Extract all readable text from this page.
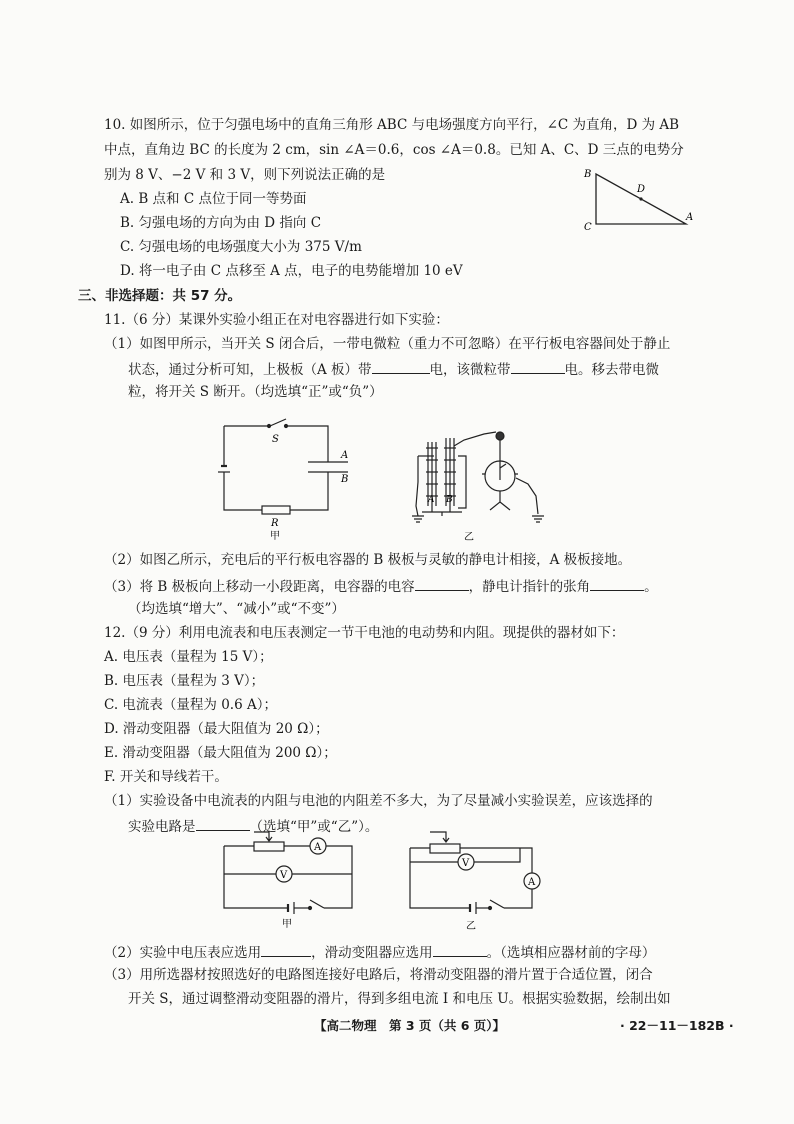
10. 如图所示，位于匀强电场中的直角三角形 ABC 与电场强度方向平行，∠C 为直角，D 为 AB
中点，直角边 BC 的长度为 2 cm，sin ∠A＝0.6，cos ∠A＝0.8。已知 A、C、D 三点的电势分
别为 8 V、−2 V 和 3 V，则下列说法正确的是
A. B 点和 C 点位于同一等势面
B. 匀强电场的方向为由 D 指向 C
C. 匀强电场的电场强度大小为 375 V/m
D. 将一电子由 C 点移至 A 点，电子的电势能增加 10 eV
B
C
D
A
三、非选择题：共 57 分。
11.（6 分）某课外实验小组正在对电容器进行如下实验：
（1）如图甲所示，当开关 S 闭合后，一带电微粒（重力不可忽略）在平行板电容器间处于静止
状态，通过分析可知，上极板（A 板）带	电，该微粒带	电。移去带电微
粒，将开关 S 断开。（均选填“正”或“负”）
S
A
B
R
甲
A B
乙
（2）如图乙所示，充电后的平行板电容器的 B 极板与灵敏的静电计相接，A 极板接地。
（3）将 B 极板向上移动一小段距离，电容器的电容	，静电计指针的张角	。
（均选填“增大”、“减小”或“不变”）
12.（9 分）利用电流表和电压表测定一节干电池的电动势和内阻。现提供的器材如下：
A. 电压表（量程为 15 V）；
B. 电压表（量程为 3 V）；
C. 电流表（量程为 0.6 A）；
D. 滑动变阻器（最大阻值为 20 Ω）；
E. 滑动变阻器（最大阻值为 200 Ω）；
F. 开关和导线若干。
（1）实验设备中电流表的内阻与电池的内阻差不多大，为了尽量减小实验误差，应该选择的
实验电路是	（选填“甲”或“乙”）。
A
V
甲
A
V
乙
（2）实验中电压表应选用	，滑动变阻器应选用	。（选填相应器材前的字母）
（3）用所选器材按照选好的电路图连接好电路后，将滑动变阻器的滑片置于合适位置，闭合
开关 S，通过调整滑动变阻器的滑片，得到多组电流 I 和电压 U。根据实验数据，绘制出如
【高二物理　第 3 页（共 6 页）】	· 22－11－182B ·
